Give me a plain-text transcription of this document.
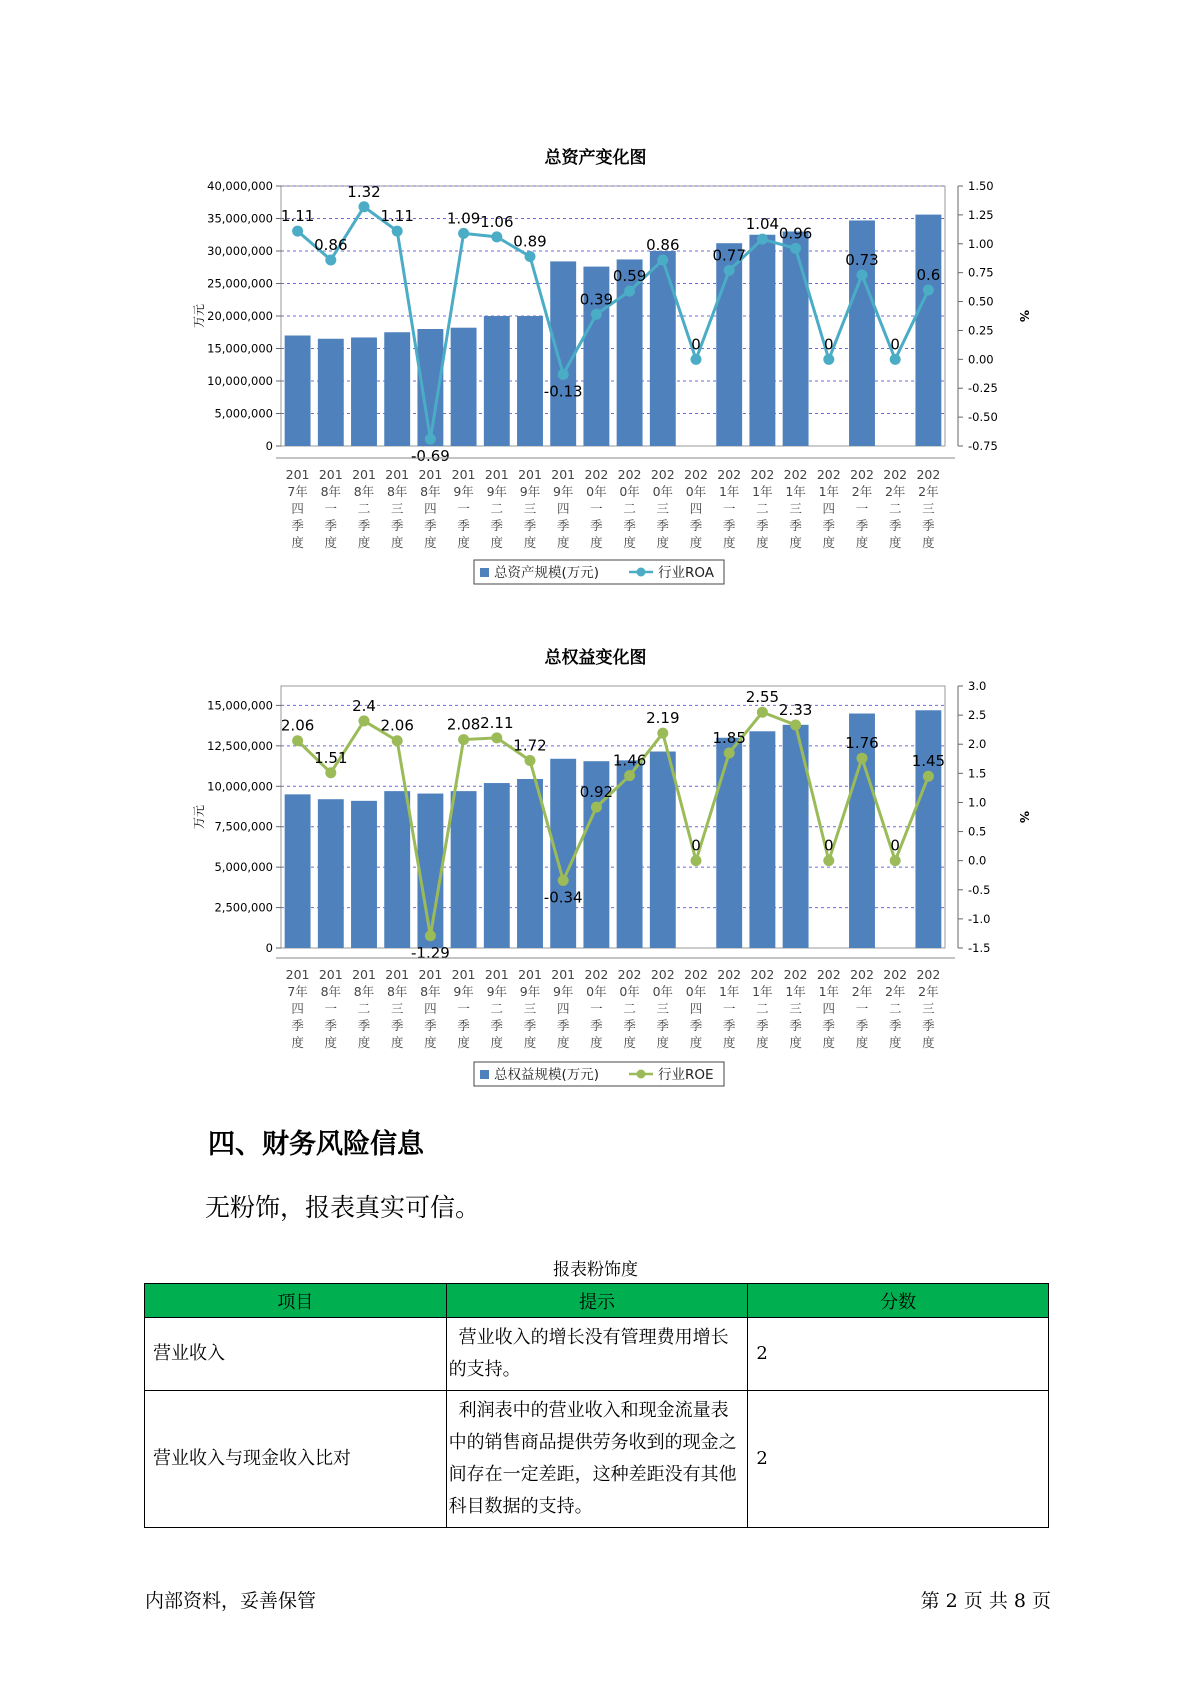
总资产变化图
0
5,000,000
10,000,000
15,000,000
20,000,000
25,000,000
30,000,000
35,000,000
40,000,000
万元
1.50
1.25
1.00
0.75
0.50
0.25
0.00
-0.25
-0.50
-0.75
%
1.11
0.86
1.32
1.11
-0.69
1.09 1.06
0.89
-0.13
0.39
0.59
0.86
0
0.77
1.04
0.96
0
0.73
0
0.6
201
7年
四
季
度
201
8年
一
季
度
201
8年
二
季
度
201
8年
三
季
度
201
8年
四
季
度
201
9年
一
季
度
201
9年
二
季
度
201
9年
三
季
度
201
9年
四
季
度
202
0年
一
季
度
202
0年
二
季
度
202
0年
三
季
度
202
0年
四
季
度
202
1年
一
季
度
202
1年
二
季
度
202
1年
三
季
度
202
1年
四
季
度
202
2年
一
季
度
202
2年
二
季
度
202
2年
三
季
度
总资产规模(万元)	行业ROA
总权益变化图
0
2,500,000
5,000,000
7,500,000
10,000,000
12,500,000
15,000,000
万元
3.0
2.5
2.0
1.5
1.0
0.5
0.0
-0.5
-1.0
-1.5
%
2.06
1.51
2.4
2.06
-1.29
2.08 2.11
1.72
-0.34
0.92
1.46
2.19
0
1.85
2.55
2.33
0
1.76
0
1.45
201
7年
四
季
度
201
8年
一
季
度
201
8年
二
季
度
201
8年
三
季
度
201
8年
四
季
度
201
9年
一
季
度
201
9年
二
季
度
201
9年
三
季
度
201
9年
四
季
度
202
0年
一
季
度
202
0年
二
季
度
202
0年
三
季
度
202
0年
四
季
度
202
1年
一
季
度
202
1年
二
季
度
202
1年
三
季
度
202
1年
四
季
度
202
2年
一
季
度
202
2年
二
季
度
202
2年
三
季
度
总权益规模(万元)	行业ROE
四、财务风险信息
无粉饰，报表真实可信。
报表粉饰度
项目	提示	分数
营业收入	营业收入的增长没有管理费用增长的支持。	2
营业收入与现金收入比对	利润表中的营业收入和现金流量表中的销售商品提供劳务收到的现金之间存在一定差距，这种差距没有其他科目数据的支持。	2
内部资料，妥善保管	第 2 页 共 8 页
